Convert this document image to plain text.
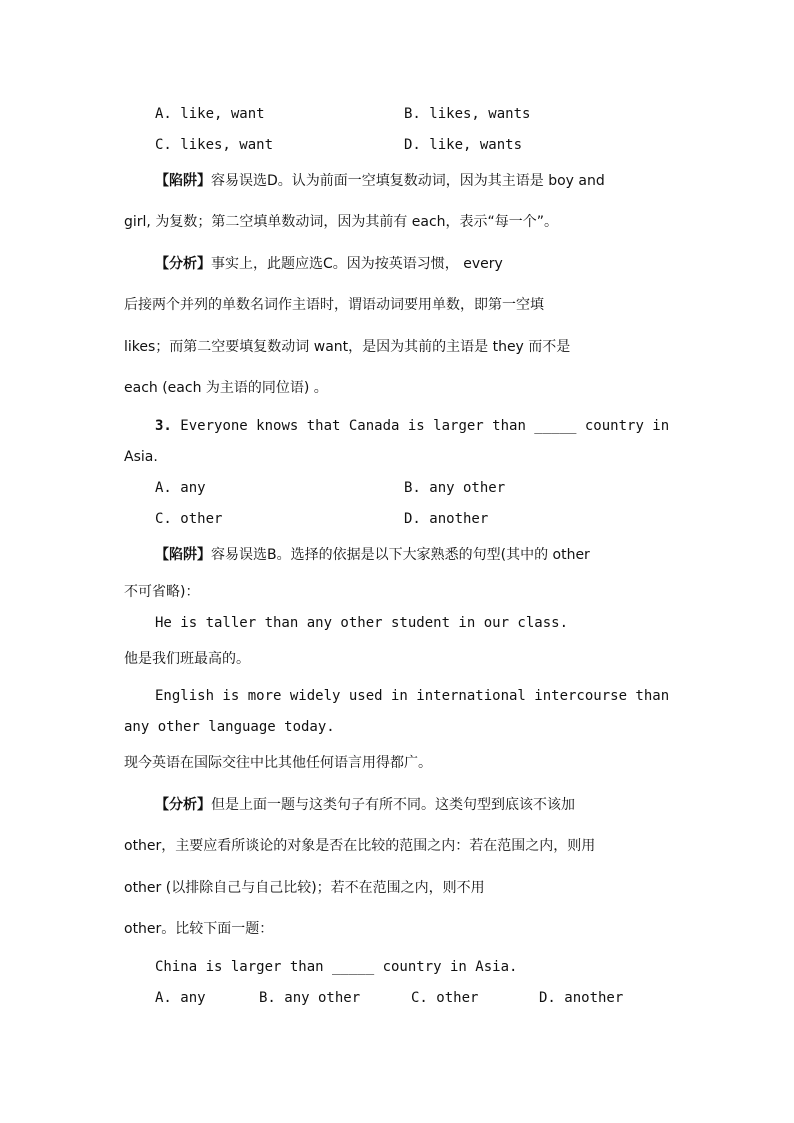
A. like, want	B. likes, wants
C. likes, want	D. like, wants
【陷阱】容易误选D。认为前面一空填复数动词，因为其主语是 boy and
girl, 为复数；第二空填单数动词，因为其前有 each，表示“每一个”。
【分析】事实上，此题应选C。因为按英语习惯， every
后接两个并列的单数名词作主语时，谓语动词要用单数，即第一空填
likes；而第二空要填复数动词 want，是因为其前的主语是 they 而不是
each (each 为主语的同位语) 。
3. Everyone knows that Canada is larger than _____ country in
Asia.
A. any	B. any other
C. other	D. another
【陷阱】容易误选B。选择的依据是以下大家熟悉的句型(其中的 other
不可省略)：
He is taller than any other student in our class.
他是我们班最高的。
English is more widely used in international intercourse than
any other language today.
现今英语在国际交往中比其他任何语言用得都广。
【分析】但是上面一题与这类句子有所不同。这类句型到底该不该加
other，主要应看所谈论的对象是否在比较的范围之内：若在范围之内，则用
other (以排除自己与自己比较)；若不在范围之内，则不用
other。比较下面一题：
China is larger than _____ country in Asia.
A. any	B. any other	C. other	D. another
